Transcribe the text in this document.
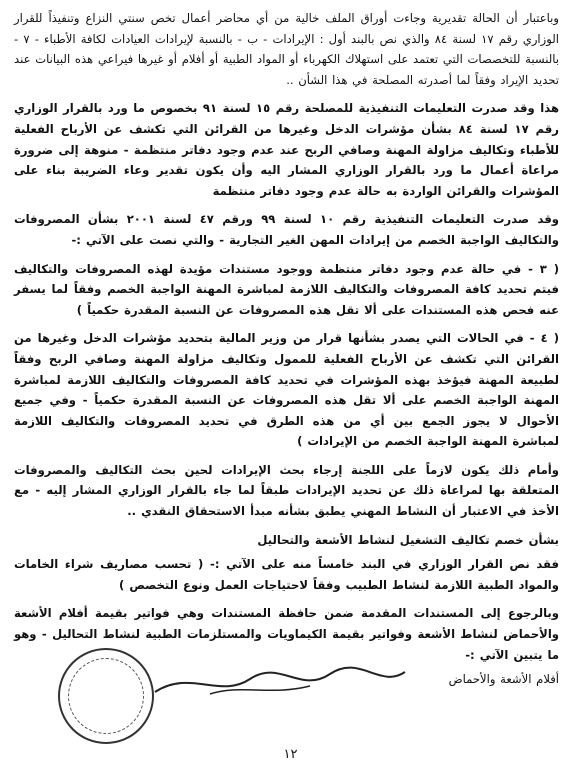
وباعتبار أن الحالة تقديرية وجاءت أوراق الملف خالية من أي محاضر أعمال تخص سنتي النزاع وتنفيذاً للقرار الوزاري رقم ١٧ لسنة ٨٤ والذي نص بالبند أول : الإيرادات - ب - بالنسبة لإيرادات العيادات لكافة الأطباء - ٧ - بالنسبة للتخصصات التي تعتمد على استهلاك الكهرباء أو المواد الطبية أو أفلام أو غيرها فيراعي هذه البيانات عند تحديد الإيراد وفقاً لما أصدرته المصلحة في هذا الشأن ..

هذا وقد صدرت التعليمات التنفيذية للمصلحة رقم ١٥ لسنة ٩١ بخصوص ما ورد بالقرار الوزاري رقم ١٧ لسنة ٨٤ بشأن مؤشرات الدخل وغيرها من القرائن التي تكشف عن الأرباح الفعلية للأطباء وتكاليف مزاولة المهنة وصافي الربح عند عدم وجود دفاتر منتظمة - منوهة إلى ضرورة مراعاة أعمال ما ورد بالقرار الوزاري المشار اليه وأن يكون تقدير وعاء الضريبة بناء على المؤشرات والقرائن الواردة به حالة عدم وجود دفاتر منتظمة

وقد صدرت التعليمات التنفيذية رقم ١٠ لسنة ٩٩ ورقم ٤٧ لسنة ٢٠٠١ بشأن المصروفات والتكاليف الواجبة الخصم من إيرادات المهن الغير التجارية - والتي نصت على الآتي :-

( ٣ - في حالة عدم وجود دفاتر منتظمة ووجود مستندات مؤيدة لهذه المصروفات والتكاليف فيتم تحديد كافة المصروفات والتكاليف اللازمة لمباشرة المهنة الواجبة الخصم وفقاً لما يسفر عنه فحص هذه المستندات على ألا تقل هذه المصروفات عن النسبة المقدرة حكمياً )

( ٤ - في الحالات التي يصدر بشأنها قرار من وزير المالية بتحديد مؤشرات الدخل وغيرها من القرائن التي تكشف عن الأرباح الفعلية للممول وتكاليف مزاولة المهنة وصافي الربح وفقاً لطبيعة المهنة فيؤخذ بهذه المؤشرات في تحديد كافة المصروفات والتكاليف اللازمة لمباشرة المهنة الواجبة الخصم على ألا تقل هذه المصروفات عن النسبة المقدرة حكمياً - وفي جميع الأحوال لا يجوز الجمع بين أي من هذه الطرق في تحديد المصروفات والتكاليف اللازمة لمباشرة المهنة الواجبة الخصم من الإيرادات )

وأمام ذلك يكون لازماً على اللجنة إرجاء بحث الإيرادات لحين بحث التكاليف والمصروفات المتعلقة بها لمراعاة ذلك عن تحديد الإيرادات طبقاً لما جاء بالقرار الوزاري المشار إليه - مع الأخذ في الاعتبار أن النشاط المهني يطبق بشأنه مبدأ الاستحقاق النقدي ..

بشأن خصم تكاليف التشغيل لنشاط الأشعة والتحاليل

فقد نص القرار الوزاري في البند خامساً منه على الآتي :- ( تحسب مصاريف شراء الخامات والمواد الطبية اللازمة لنشاط الطبيب وفقاً لاحتياجات العمل ونوع التخصص )

وبالرجوع إلى المستندات المقدمة ضمن حافظة المستندات وهي فواتير بقيمة أفلام الأشعة والأحماض لنشاط الأشعة وفواتير بقيمة الكيماويات والمستلزمات الطبية لنشاط التحاليل - وهو ما يتبين الآتي :-

أفلام الأشعة والأحماض

١٢
